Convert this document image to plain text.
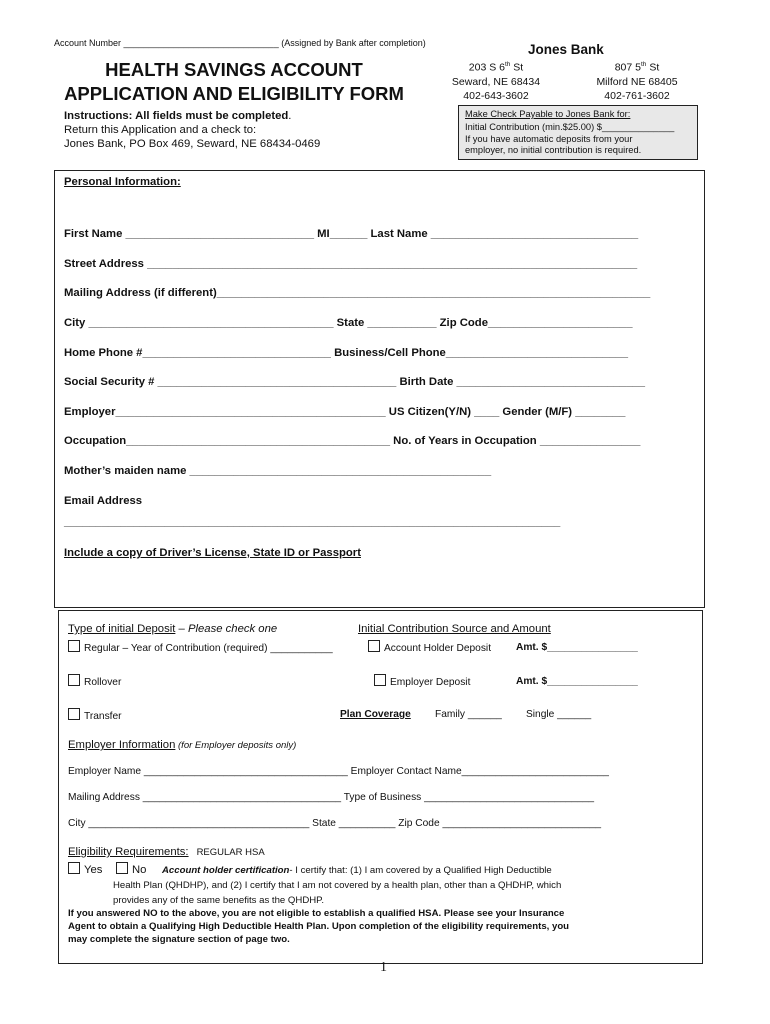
Account Number _______________________________ (Assigned by Bank after completion)
HEALTH SAVINGS ACCOUNT
APPLICATION AND ELIGIBILITY FORM
Jones Bank
203 S 6th St
Seward, NE 68434
402-643-3602
807 5th St
Milford NE 68405
402-761-3602
Instructions: All fields must be completed.
Return this Application and a check to:
Jones Bank, PO Box 469, Seward, NE 68434-0469
Make Check Payable to Jones Bank for:
Initial Contribution (min.$25.00) $______________
If you have automatic deposits from your
employer, no initial contribution is required.
Personal Information:
First Name ______________________________ MI______ Last Name _________________________________
Street Address ______________________________________________________________________________
Mailing Address (if different)_____________________________________________________________________
City _______________________________________ State ___________ Zip Code_______________________
Home Phone #______________________________ Business/Cell Phone_____________________________
Social Security # ______________________________________ Birth Date ______________________________
Employer___________________________________________ US Citizen(Y/N) ____ Gender (M/F) ________
Occupation__________________________________________ No. of Years in Occupation ________________
Mother’s maiden name ________________________________________________
Email Address
_______________________________________________________________________________
Include a copy of Driver’s License, State ID or Passport
Type of initial Deposit – Please check one
Regular – Year of Contribution (required) ___________
Rollover
Transfer
Initial Contribution Source and Amount
Account Holder Deposit Amt. $________________
Employer Deposit	Amt. $________________
Plan Coverage Family ______ Single ______
Employer Information (for Employer deposits only)
Employer Name ____________________________________ Employer Contact Name__________________________
Mailing Address ___________________________________ Type of Business ______________________________
City _______________________________________ State __________ Zip Code ____________________________
Eligibility Requirements: REGULAR HSA
Yes	No Account holder certification- I certify that: (1) I am covered by a Qualified High Deductible
Health Plan (QHDHP), and (2) I certify that I am not covered by a health plan, other than a QHDHP, which
provides any of the same benefits as the QHDHP.
If you answered NO to the above, you are not eligible to establish a qualified HSA. Please see your Insurance
Agent to obtain a Qualifying High Deductible Health Plan. Upon completion of the eligibility requirements, you
may complete the signature section of page two.
1
